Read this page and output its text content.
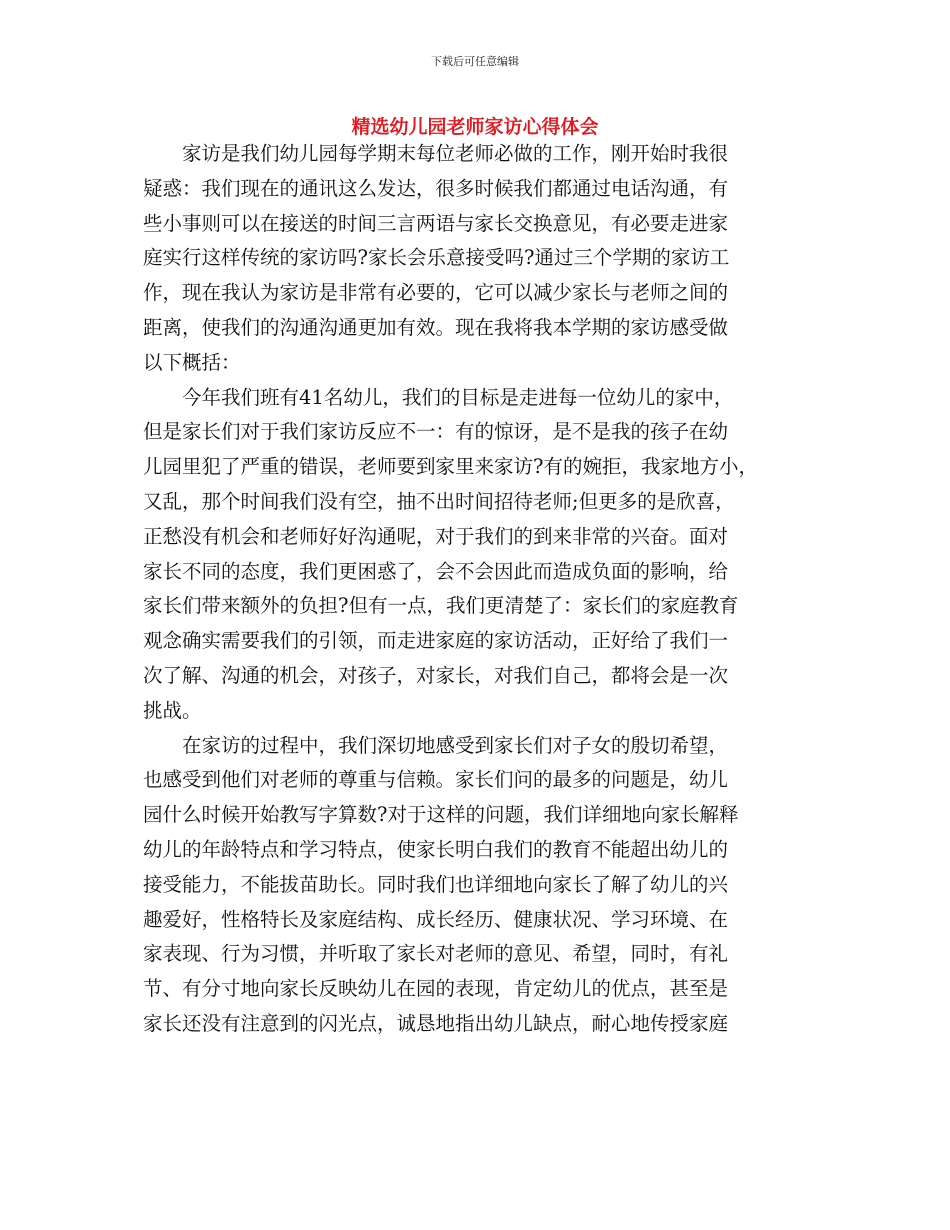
下载后可任意编辑
精选幼儿园老师家访心得体会
　　家访是我们幼儿园每学期末每位老师必做的工作，刚开始时我很
疑惑：我们现在的通讯这么发达，很多时候我们都通过电话沟通，有
些小事则可以在接送的时间三言两语与家长交换意见，有必要走进家
庭实行这样传统的家访吗?家长会乐意接受吗?通过三个学期的家访工
作，现在我认为家访是非常有必要的，它可以减少家长与老师之间的
距离，使我们的沟通沟通更加有效。现在我将我本学期的家访感受做
以下概括：
　　今年我们班有41名幼儿，我们的目标是走进每一位幼儿的家中，
但是家长们对于我们家访反应不一：有的惊讶，是不是我的孩子在幼
儿园里犯了严重的错误，老师要到家里来家访?有的婉拒，我家地方小，
又乱，那个时间我们没有空，抽不出时间招待老师;但更多的是欣喜，
正愁没有机会和老师好好沟通呢，对于我们的到来非常的兴奋。面对
家长不同的态度，我们更困惑了，会不会因此而造成负面的影响，给
家长们带来额外的负担?但有一点，我们更清楚了：家长们的家庭教育
观念确实需要我们的引领，而走进家庭的家访活动，正好给了我们一
次了解、沟通的机会，对孩子，对家长，对我们自己，都将会是一次
挑战。
　　在家访的过程中，我们深切地感受到家长们对子女的殷切希望，
也感受到他们对老师的尊重与信赖。家长们问的最多的问题是，幼儿
园什么时候开始教写字算数?对于这样的问题，我们详细地向家长解释
幼儿的年龄特点和学习特点，使家长明白我们的教育不能超出幼儿的
接受能力，不能拔苗助长。同时我们也详细地向家长了解了幼儿的兴
趣爱好，性格特长及家庭结构、成长经历、健康状况、学习环境、在
家表现、行为习惯，并听取了家长对老师的意见、希望，同时，有礼
节、有分寸地向家长反映幼儿在园的表现，肯定幼儿的优点，甚至是
家长还没有注意到的闪光点，诚恳地指出幼儿缺点，耐心地传授家庭
